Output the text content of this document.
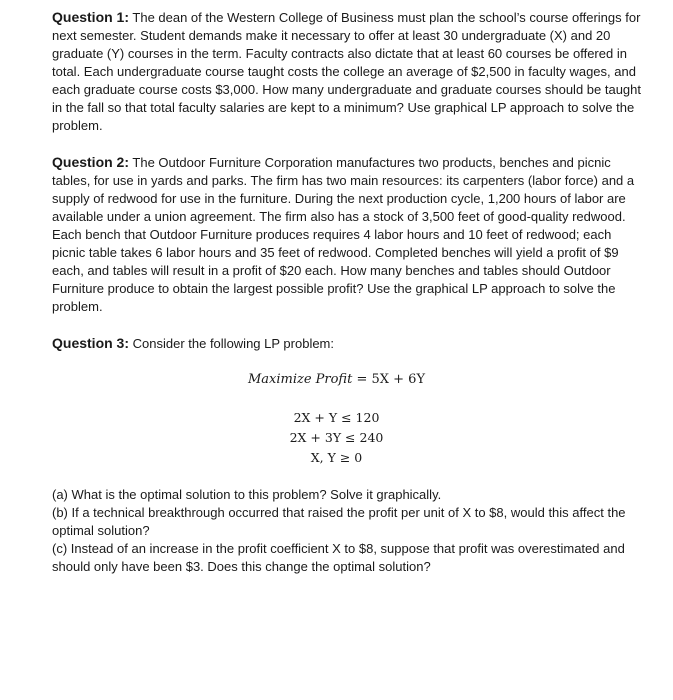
Question 1: The dean of the Western College of Business must plan the school’s course offerings for next semester. Student demands make it necessary to offer at least 30 undergraduate (X) and 20 graduate (Y) courses in the term. Faculty contracts also dictate that at least 60 courses be offered in total. Each undergraduate course taught costs the college an average of $2,500 in faculty wages, and each graduate course costs $3,000. How many undergraduate and graduate courses should be taught in the fall so that total faculty salaries are kept to a minimum? Use graphical LP approach to solve the problem.

Question 2: The Outdoor Furniture Corporation manufactures two products, benches and picnic tables, for use in yards and parks. The firm has two main resources: its carpenters (labor force) and a supply of redwood for use in the furniture. During the next production cycle, 1,200 hours of labor are available under a union agreement. The firm also has a stock of 3,500 feet of good-quality redwood. Each bench that Outdoor Furniture produces requires 4 labor hours and 10 feet of redwood; each picnic table takes 6 labor hours and 35 feet of redwood. Completed benches will yield a profit of $9 each, and tables will result in a profit of $20 each. How many benches and tables should Outdoor Furniture produce to obtain the largest possible profit? Use the graphical LP approach to solve the problem.

Question 3: Consider the following LP problem:

Maximize Profit = 5X + 6Y
2X + Y ≤ 120
2X + 3Y ≤ 240
X, Y ≥ 0

(a) What is the optimal solution to this problem? Solve it graphically.

(b) If a technical breakthrough occurred that raised the profit per unit of X to $8, would this affect the optimal solution?

(c) Instead of an increase in the profit coefficient X to $8, suppose that profit was overestimated and should only have been $3. Does this change the optimal solution?
